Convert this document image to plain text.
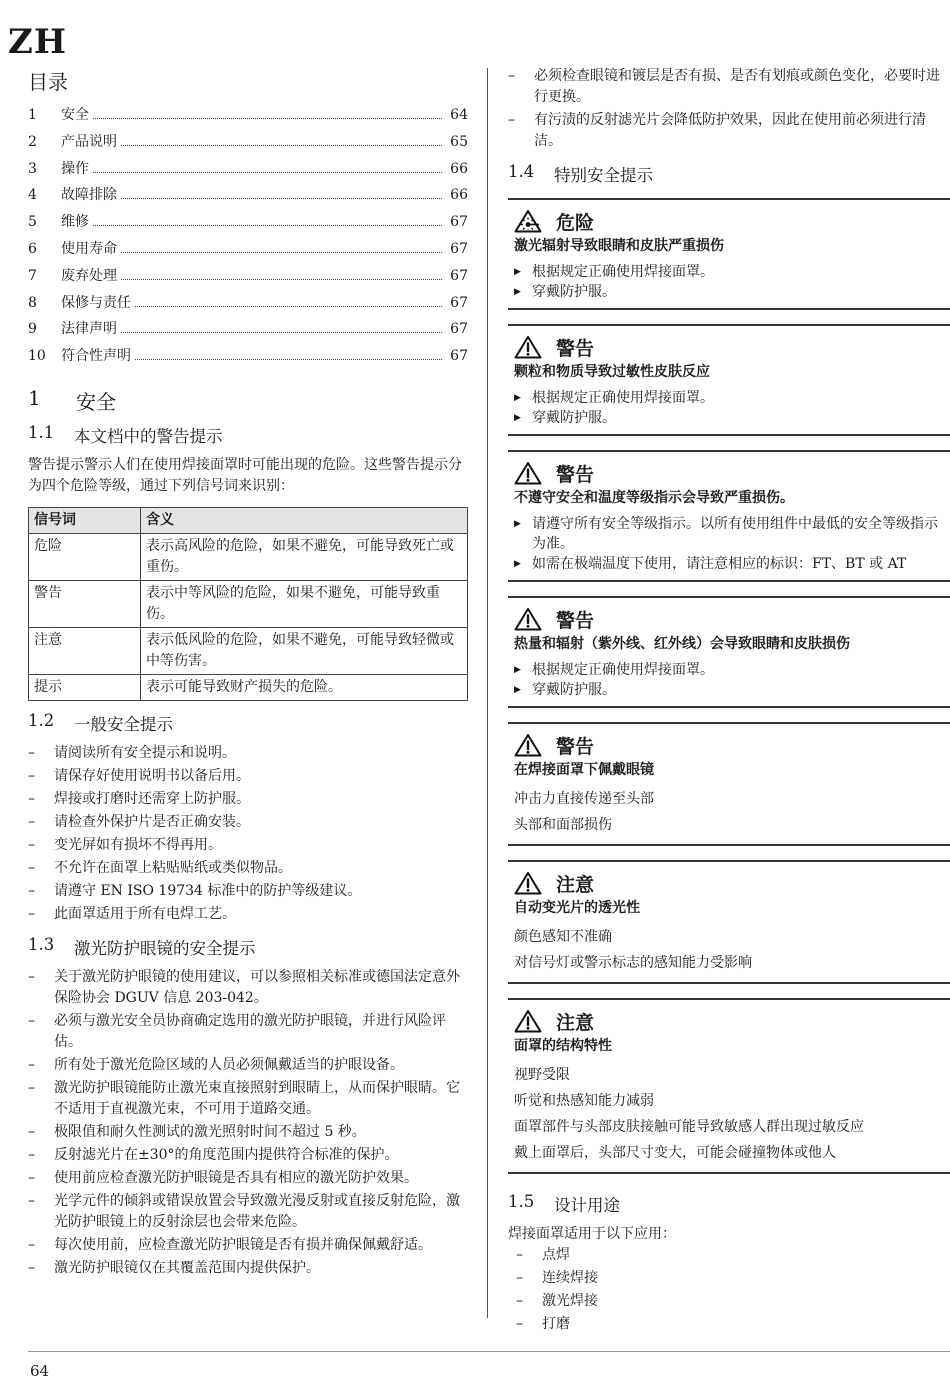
ZH
目录
1	安全	64
2	产品说明	65
3	操作	66
4	故障排除	66
5	维修	67
6	使用寿命	67
7	废弃处理	67
8	保修与责任	67
9	法律声明	67
10	符合性声明	67
1	安全
1.1	本文档中的警告提示

警告提示警示人们在使用焊接面罩时可能出现的危险。这些警告提示分为四个危险等级，通过下列信号词来识别：

信号词	含义
危险	表示高风险的危险，如果不避免，可能导致死亡或重伤。
警告	表示中等风险的危险，如果不避免，可能导致重伤。
注意	表示低风险的危险，如果不避免，可能导致轻微或中等伤害。
提示	表示可能导致财产损失的危险。
1.2	一般安全提示
– 请阅读所有安全提示和说明。
– 请保存好使用说明书以备后用。
– 焊接或打磨时还需穿上防护服。
– 请检查外保护片是否正确安装。
– 变光屏如有损坏不得再用。
– 不允许在面罩上粘贴贴纸或类似物品。
– 请遵守 EN ISO 19734 标准中的防护等级建议。
– 此面罩适用于所有电焊工艺。
1.3	激光防护眼镜的安全提示
– 关于激光防护眼镜的使用建议，可以参照相关标准或德国法定意外保险协会 DGUV 信息 203-042。
– 必须与激光安全员协商确定选用的激光防护眼镜，并进行风险评估。
– 所有处于激光危险区域的人员必须佩戴适当的护眼设备。
– 激光防护眼镜能防止激光束直接照射到眼睛上，从而保护眼睛。它不适用于直视激光束，不可用于道路交通。
– 极限值和耐久性测试的激光照射时间不超过 5 秒。
– 反射滤光片在±30°的角度范围内提供符合标准的保护。
– 使用前应检查激光防护眼镜是否具有相应的激光防护效果。
– 光学元件的倾斜或错误放置会导致激光漫反射或直接反射危险，激光防护眼镜上的反射涂层也会带来危险。
– 每次使用前，应检查激光防护眼镜是否有损并确保佩戴舒适。
– 激光防护眼镜仅在其覆盖范围内提供保护。
– 必须检查眼镜和镀层是否有损、是否有划痕或颜色变化，必要时进行更换。
– 有污渍的反射滤光片会降低防护效果，因此在使用前必须进行清洁。
1.4	特别安全提示
危险
激光辐射导致眼睛和皮肤严重损伤
▶ 根据规定正确使用焊接面罩。
▶ 穿戴防护服。
警告
颗粒和物质导致过敏性皮肤反应
▶ 根据规定正确使用焊接面罩。
▶ 穿戴防护服。
警告
不遵守安全和温度等级指示会导致严重损伤。
▶ 请遵守所有安全等级指示。以所有使用组件中最低的安全等级指示为准。
▶ 如需在极端温度下使用，请注意相应的标识：FT、BT 或 AT
警告
热量和辐射（紫外线、红外线）会导致眼睛和皮肤损伤
▶ 根据规定正确使用焊接面罩。
▶ 穿戴防护服。
警告
在焊接面罩下佩戴眼镜
冲击力直接传递至头部
头部和面部损伤
注意
自动变光片的透光性
颜色感知不准确
对信号灯或警示标志的感知能力受影响
注意
面罩的结构特性
视野受限
听觉和热感知能力减弱
面罩部件与头部皮肤接触可能导致敏感人群出现过敏反应
戴上面罩后，头部尺寸变大，可能会碰撞物体或他人
1.5	设计用途

焊接面罩适用于以下应用：

– 点焊
– 连续焊接
– 激光焊接
– 打磨
64
